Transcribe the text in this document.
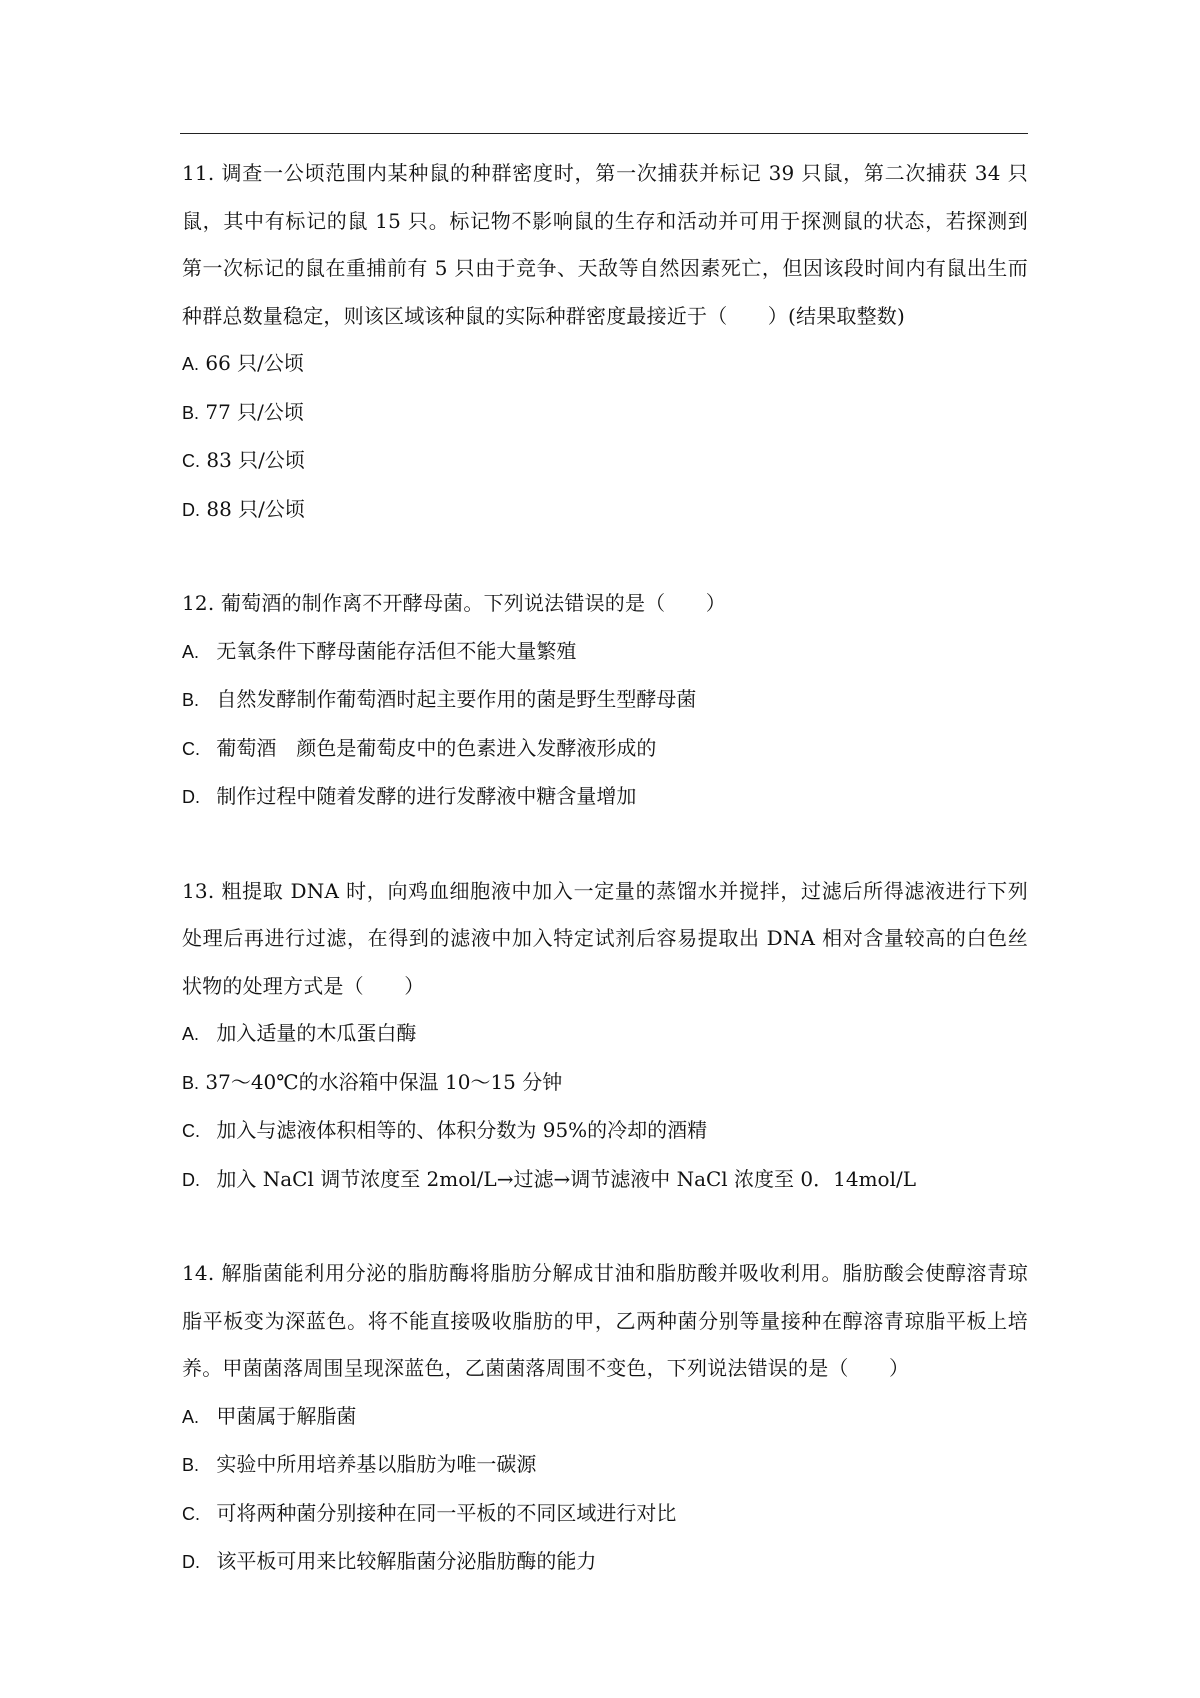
11. 调查一公顷范围内某种鼠的种群密度时，第一次捕获并标记 39 只鼠，第二次捕获 34 只鼠，其中有标记的鼠 15 只。标记物不影响鼠的生存和活动并可用于探测鼠的状态，若探测到第一次标记的鼠在重捕前有 5 只由于竞争、天敌等自然因素死亡，但因该段时间内有鼠出生而种群总数量稳定，则该区域该种鼠的实际种群密度最接近于（　　）(结果取整数)

A. 66 只/公顷

B. 77 只/公顷

C. 83 只/公顷

D. 88 只/公顷

12. 葡萄酒的制作离不开酵母菌。下列说法错误的是（　　）

A. 无氧条件下酵母菌能存活但不能大量繁殖

B. 自然发酵制作葡萄酒时起主要作用的菌是野生型酵母菌

C. 葡萄酒　颜色是葡萄皮中的色素进入发酵液形成的

D. 制作过程中随着发酵的进行发酵液中糖含量增加

13. 粗提取 DNA 时，向鸡血细胞液中加入一定量的蒸馏水并搅拌，过滤后所得滤液进行下列处理后再进行过滤，在得到的滤液中加入特定试剂后容易提取出 DNA 相对含量较高的白色丝状物的处理方式是（　　）

A. 加入适量的木瓜蛋白酶

B. 37～40℃的水浴箱中保温 10～15 分钟

C. 加入与滤液体积相等的、体积分数为 95%的冷却的酒精

D. 加入 NaCl 调节浓度至 2mol/L→过滤→调节滤液中 NaCl 浓度至 0．14mol/L

14. 解脂菌能利用分泌的脂肪酶将脂肪分解成甘油和脂肪酸并吸收利用。脂肪酸会使醇溶青琼脂平板变为深蓝色。将不能直接吸收脂肪的甲，乙两种菌分别等量接种在醇溶青琼脂平板上培养。甲菌菌落周围呈现深蓝色，乙菌菌落周围不变色，下列说法错误的是（　　）

A. 甲菌属于解脂菌

B. 实验中所用培养基以脂肪为唯一碳源

C. 可将两种菌分别接种在同一平板的不同区域进行对比

D. 该平板可用来比较解脂菌分泌脂肪酶的能力
